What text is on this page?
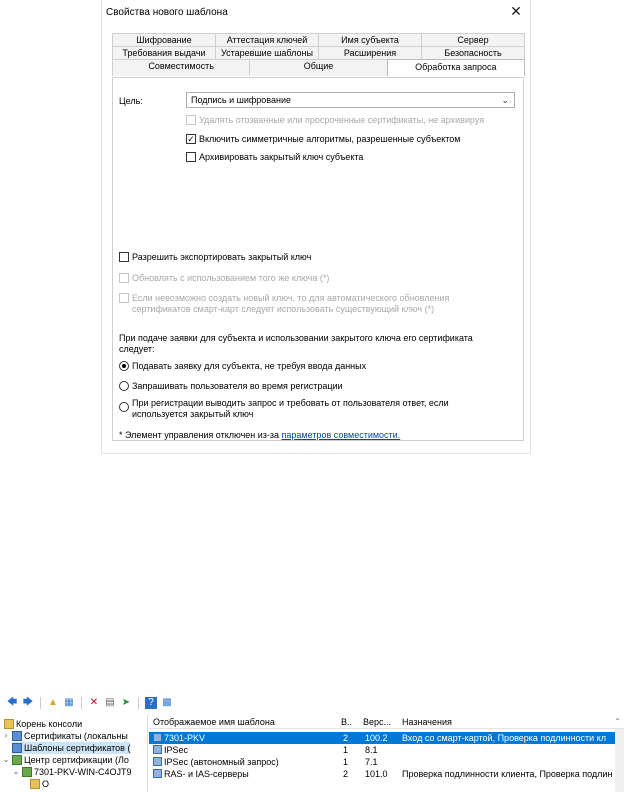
Свойства нового шаблона	✕
Шифрование	Аттестация ключей	Имя субъекта	Сервер
Требования выдачи	Устаревшие шаблоны	Расширения	Безопасность
Совместимость	Общие	Обработка запроса
Цель:	Подпись и шифрование	⌄
Удалять отозванные или просроченные сертификаты, не архивируя
✓ Включить симметричные алгоритмы, разрешенные субъектом
Архивировать закрытый ключ субъекта
Разрешить экспортировать закрытый ключ
Обновлять с использованием того же ключа (*)
Если невозможно создать новый ключ, то для автоматического обновления
сертификатов смарт-карт следует использовать существующий ключ (*)
При подаче заявки для субъекта и использовании закрытого ключа его сертификата
следует:
Подавать заявку для субъекта, не требуя ввода данных
Запрашивать пользователя во время регистрации
При регистрации выводить запрос и требовать от пользователя ответ, если
используется закрытый ключ
* Элемент управления отключен из-за параметров совместимости.
🡄 🡆 ▲ ▦ ✕ ▤ ➤	? ▩
Корень консоли
› Сертификаты (локальны
Шаблоны сертификатов (
⌄ Центр сертификации (Ло
⌄ 7301-PKV-WIN-C4OJT9
О
Отображаемое имя шаблона	В.. Верс... Назначения	⌃
7301-PKV	2	100.2	Вход со смарт-картой, Проверка подлинности кл
IPSec	1	8.1
IPSec (автономный запрос)	1	7.1
RAS- и IAS-серверы	2	101.0	Проверка подлинности клиента, Проверка подлин
